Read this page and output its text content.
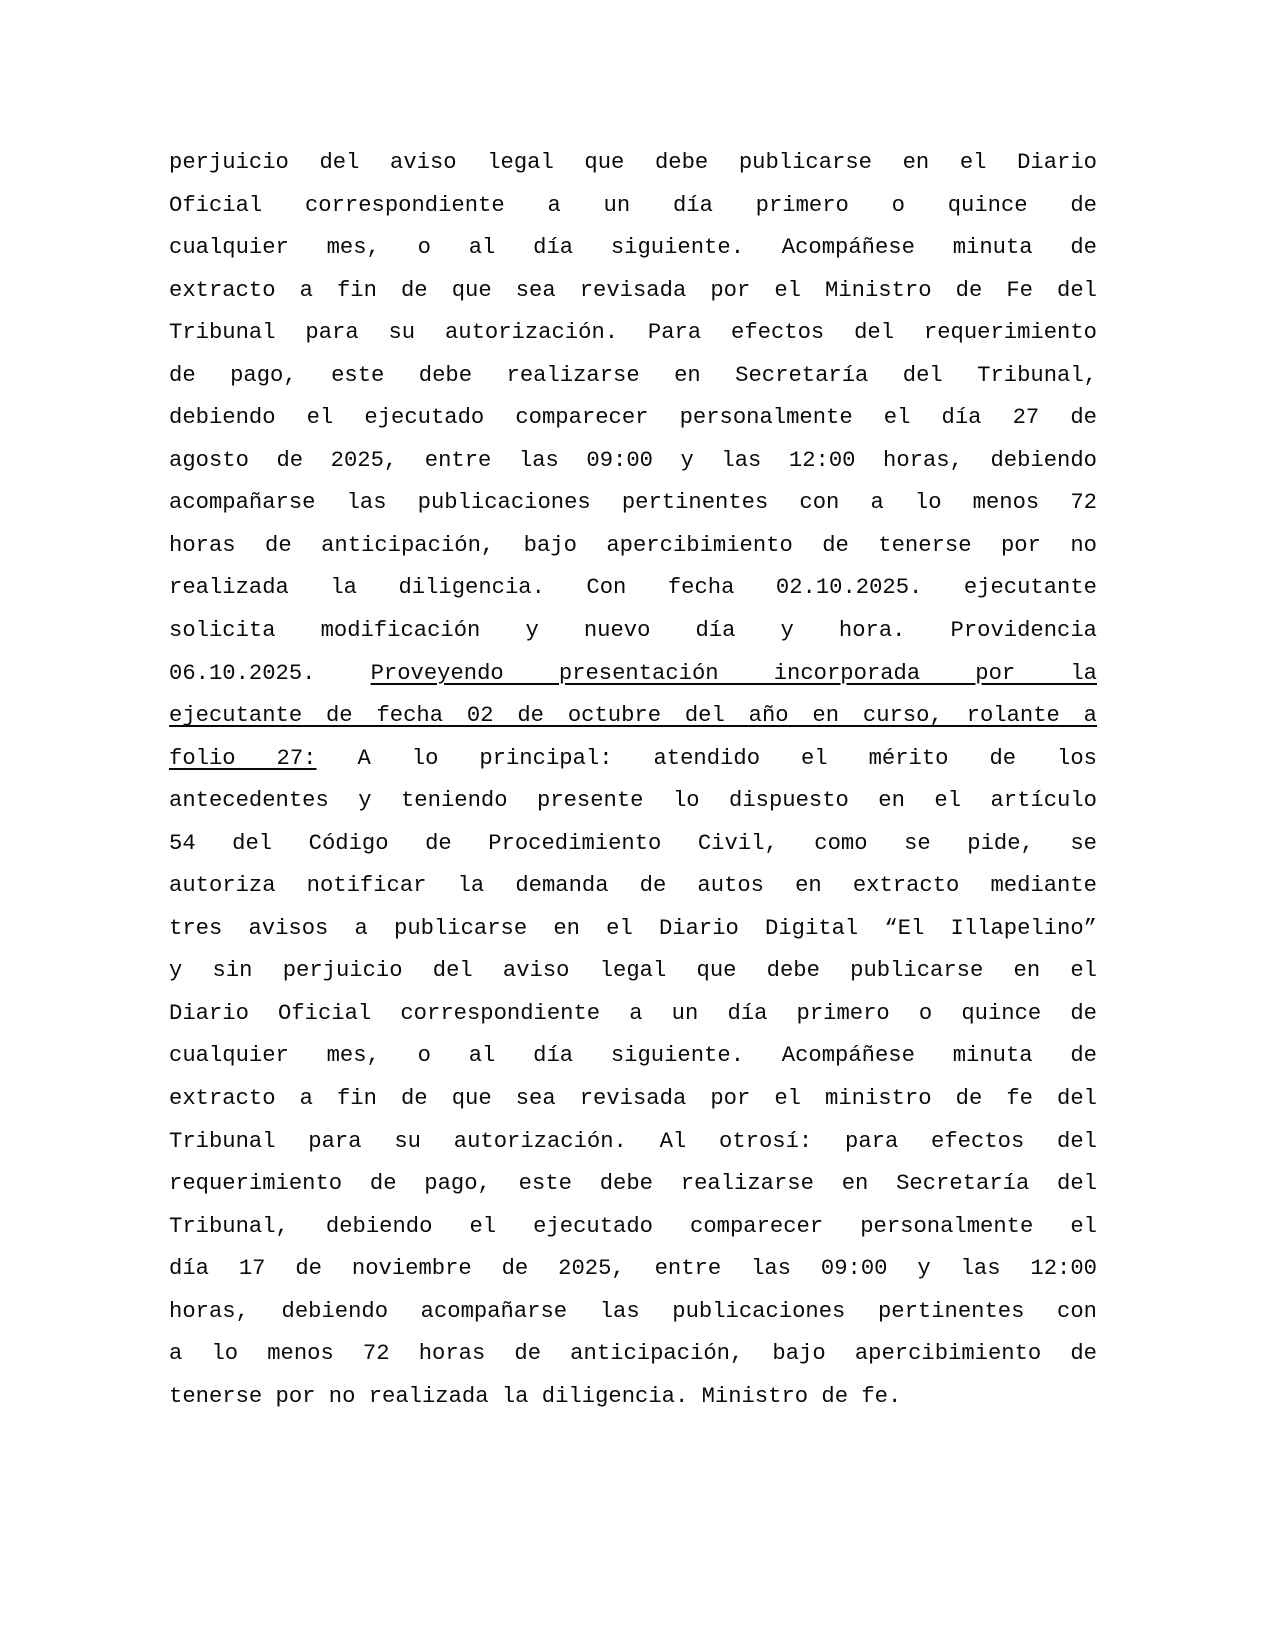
perjuicio del aviso legal que debe publicarse en el Diario
Oficial correspondiente a un día primero o quince de
cualquier mes, o al día siguiente. Acompáñese minuta de
extracto a fin de que sea revisada por el Ministro de Fe del
Tribunal para su autorización. Para efectos del requerimiento
de pago, este debe realizarse en Secretaría del Tribunal,
debiendo el ejecutado comparecer personalmente el día 27 de
agosto de 2025, entre las 09:00 y las 12:00 horas, debiendo
acompañarse las publicaciones pertinentes con a lo menos 72
horas de anticipación, bajo apercibimiento de tenerse por no
realizada la diligencia. Con fecha 02.10.2025. ejecutante
solicita modificación y nuevo día y hora. Providencia
06.10.2025. Proveyendo presentación incorporada por la
ejecutante de fecha 02 de octubre del año en curso, rolante a
folio 27: A lo principal: atendido el mérito de los
antecedentes y teniendo presente lo dispuesto en el artículo
54 del Código de Procedimiento Civil, como se pide, se
autoriza notificar la demanda de autos en extracto mediante
tres avisos a publicarse en el Diario Digital “El Illapelino”
y sin perjuicio del aviso legal que debe publicarse en el
Diario Oficial correspondiente a un día primero o quince de
cualquier mes, o al día siguiente. Acompáñese minuta de
extracto a fin de que sea revisada por el ministro de fe del
Tribunal para su autorización. Al otrosí: para efectos del
requerimiento de pago, este debe realizarse en Secretaría del
Tribunal, debiendo el ejecutado comparecer personalmente el
día 17 de noviembre de 2025, entre las 09:00 y las 12:00
horas, debiendo acompañarse las publicaciones pertinentes con
a lo menos 72 horas de anticipación, bajo apercibimiento de
tenerse por no realizada la diligencia. Ministro de fe.
